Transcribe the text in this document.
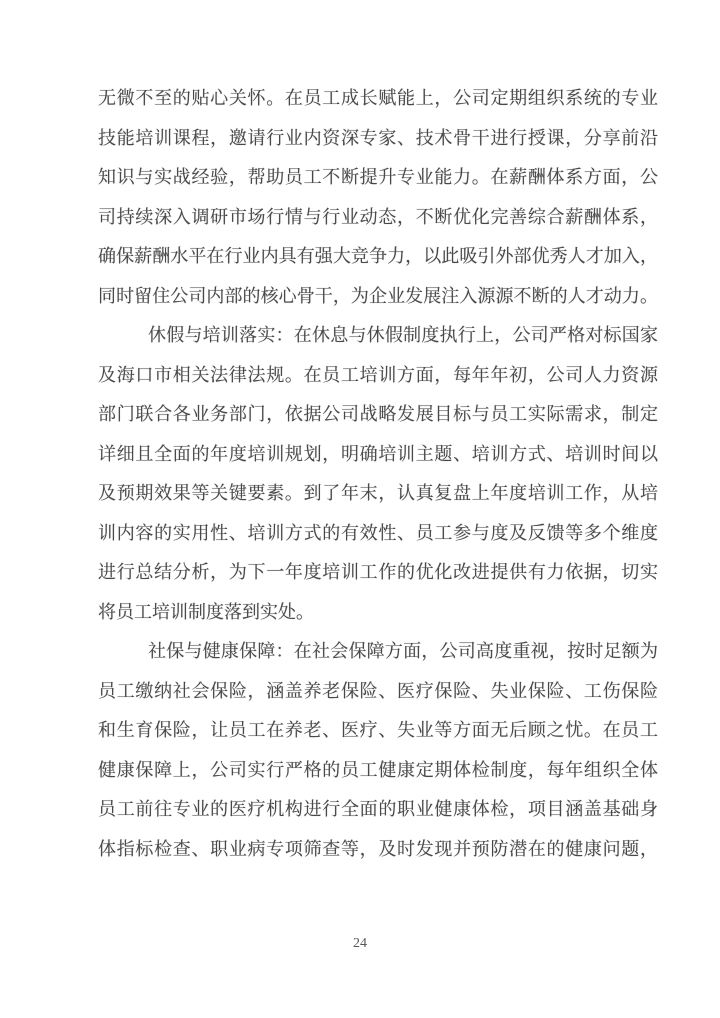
无微不至的贴心关怀。在员工成长赋能上，公司定期组织系统的专业
技能培训课程，邀请行业内资深专家、技术骨干进行授课，分享前沿
知识与实战经验，帮助员工不断提升专业能力。在薪酬体系方面，公
司持续深入调研市场行情与行业动态，不断优化完善综合薪酬体系，
确保薪酬水平在行业内具有强大竞争力，以此吸引外部优秀人才加入，
同时留住公司内部的核心骨干，为企业发展注入源源不断的人才动力。
休假与培训落实：在休息与休假制度执行上，公司严格对标国家
及海口市相关法律法规。在员工培训方面，每年年初，公司人力资源
部门联合各业务部门，依据公司战略发展目标与员工实际需求，制定
详细且全面的年度培训规划，明确培训主题、培训方式、培训时间以
及预期效果等关键要素。到了年末，认真复盘上年度培训工作，从培
训内容的实用性、培训方式的有效性、员工参与度及反馈等多个维度
进行总结分析，为下一年度培训工作的优化改进提供有力依据，切实
将员工培训制度落到实处。
社保与健康保障：在社会保障方面，公司高度重视，按时足额为
员工缴纳社会保险，涵盖养老保险、医疗保险、失业保险、工伤保险
和生育保险，让员工在养老、医疗、失业等方面无后顾之忧。在员工
健康保障上，公司实行严格的员工健康定期体检制度，每年组织全体
员工前往专业的医疗机构进行全面的职业健康体检，项目涵盖基础身
体指标检查、职业病专项筛查等，及时发现并预防潜在的健康问题，
24
